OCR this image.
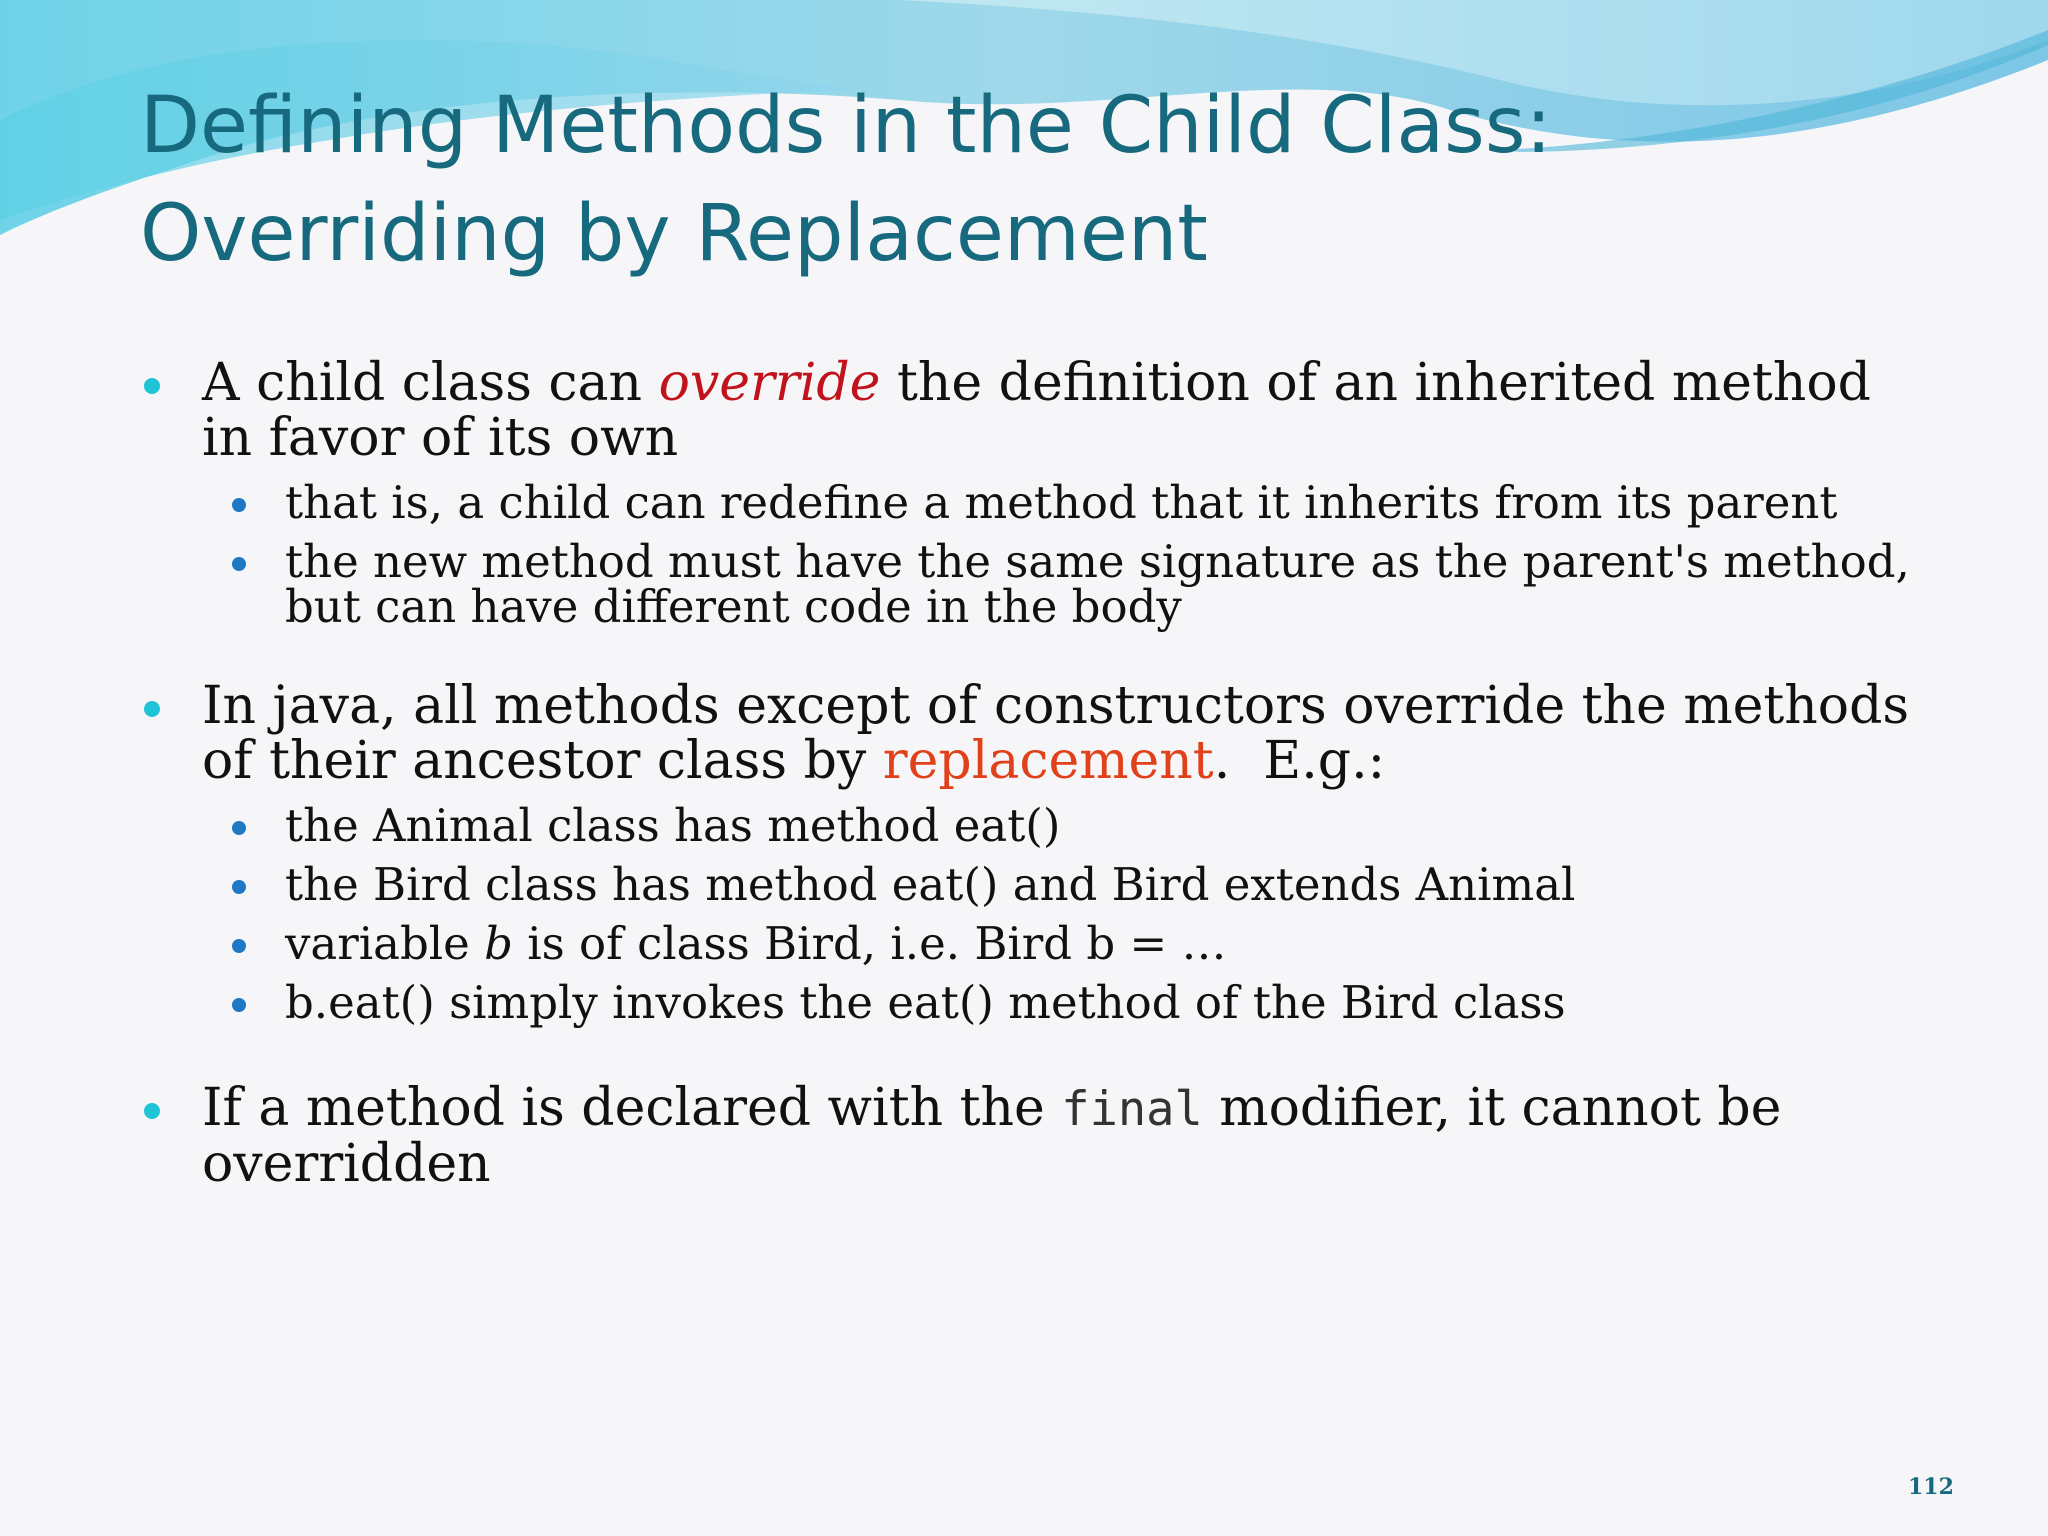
Defining Methods in the Child Class:
Overriding by Replacement
A child class can override the definition of an inherited method in favor of its own
that is, a child can redefine a method that it inherits from its parent
the new method must have the same signature as the parent's method, but can have different code in the body
In java, all methods except of constructors override the methods of their ancestor class by replacement.  E.g.:
the Animal class has method eat()
the Bird class has method eat() and Bird extends Animal
variable b is of class Bird, i.e. Bird b = …
b.eat() simply invokes the eat() method of the Bird class
If a method is declared with the final modifier, it cannot be overridden
112
